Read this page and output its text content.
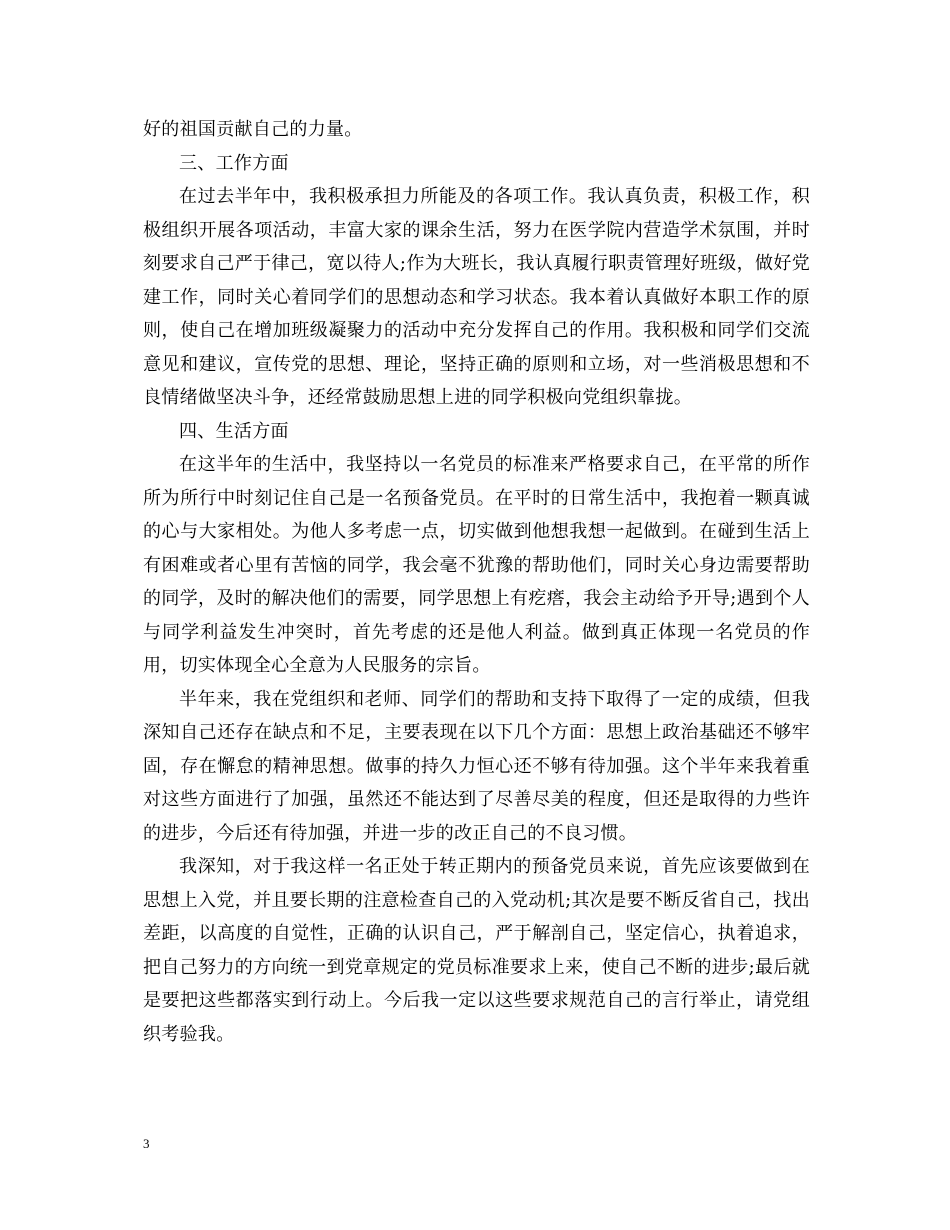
好的祖国贡献自己的力量。

三、工作方面

在过去半年中，我积极承担力所能及的各项工作。我认真负责，积极工作，积极组织开展各项活动，丰富大家的课余生活，努力在医学院内营造学术氛围，并时刻要求自己严于律己，宽以待人;作为大班长，我认真履行职责管理好班级，做好党建工作，同时关心着同学们的思想动态和学习状态。我本着认真做好本职工作的原则，使自己在增加班级凝聚力的活动中充分发挥自己的作用。我积极和同学们交流意见和建议，宣传党的思想、理论，坚持正确的原则和立场，对一些消极思想和不良情绪做坚决斗争，还经常鼓励思想上进的同学积极向党组织靠拢。

四、生活方面

在这半年的生活中，我坚持以一名党员的标准来严格要求自己，在平常的所作所为所行中时刻记住自己是一名预备党员。在平时的日常生活中，我抱着一颗真诚的心与大家相处。为他人多考虑一点，切实做到他想我想一起做到。在碰到生活上有困难或者心里有苦恼的同学，我会毫不犹豫的帮助他们，同时关心身边需要帮助的同学，及时的解决他们的需要，同学思想上有疙瘩，我会主动给予开导;遇到个人与同学利益发生冲突时，首先考虑的还是他人利益。做到真正体现一名党员的作用，切实体现全心全意为人民服务的宗旨。

半年来，我在党组织和老师、同学们的帮助和支持下取得了一定的成绩，但我深知自己还存在缺点和不足，主要表现在以下几个方面：思想上政治基础还不够牢固，存在懈怠的精神思想。做事的持久力恒心还不够有待加强。这个半年来我着重对这些方面进行了加强，虽然还不能达到了尽善尽美的程度，但还是取得的力些许的进步，今后还有待加强，并进一步的改正自己的不良习惯。

我深知，对于我这样一名正处于转正期内的预备党员来说，首先应该要做到在思想上入党，并且要长期的注意检查自己的入党动机;其次是要不断反省自己，找出差距，以高度的自觉性，正确的认识自己，严于解剖自己，坚定信心，执着追求，把自己努力的方向统一到党章规定的党员标准要求上来，使自己不断的进步;最后就是要把这些都落实到行动上。今后我一定以这些要求规范自己的言行举止，请党组织考验我。

3
